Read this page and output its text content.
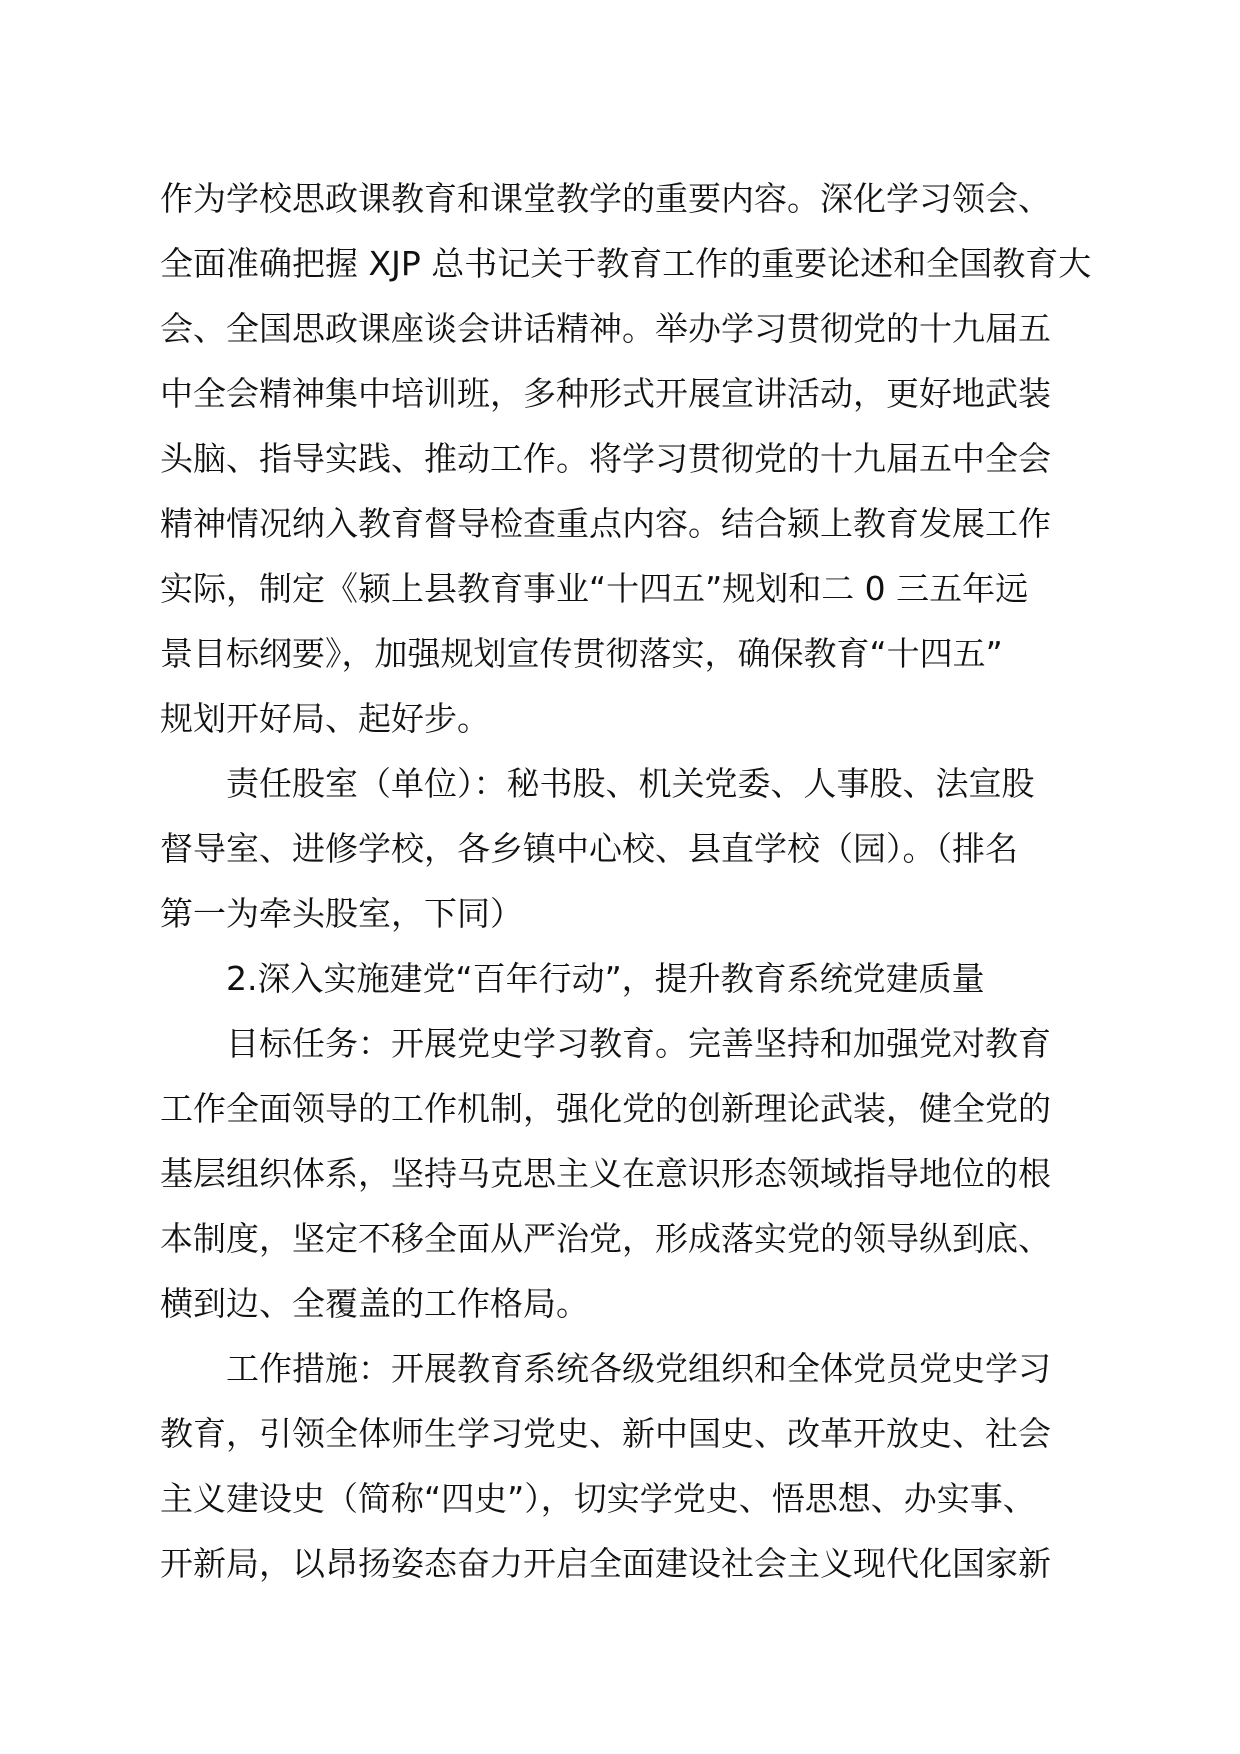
作为学校思政课教育和课堂教学的重要内容。深化学习领会、
全面准确把握 XJP 总书记关于教育工作的重要论述和全国教育大
会、全国思政课座谈会讲话精神。举办学习贯彻党的十九届五
中全会精神集中培训班，多种形式开展宣讲活动，更好地武装
头脑、指导实践、推动工作。将学习贯彻党的十九届五中全会
精神情况纳入教育督导检查重点内容。结合颍上教育发展工作
实际，制定《颍上县教育事业“十四五”规划和二 0 三五年远
景目标纲要》，加强规划宣传贯彻落实，确保教育“十四五”
规划开好局、起好步。
责任股室（单位）：秘书股、机关党委、人事股、法宣股
督导室、进修学校，各乡镇中心校、县直学校（园）。（排名
第一为牵头股室，下同）
2.深入实施建党“百年行动”，提升教育系统党建质量
目标任务：开展党史学习教育。完善坚持和加强党对教育
工作全面领导的工作机制，强化党的创新理论武装，健全党的
基层组织体系，坚持马克思主义在意识形态领域指导地位的根
本制度，坚定不移全面从严治党，形成落实党的领导纵到底、
横到边、全覆盖的工作格局。
工作措施：开展教育系统各级党组织和全体党员党史学习
教育，引领全体师生学习党史、新中国史、改革开放史、社会
主义建设史（简称“四史”），切实学党史、悟思想、办实事、
开新局，以昂扬姿态奋力开启全面建设社会主义现代化国家新
